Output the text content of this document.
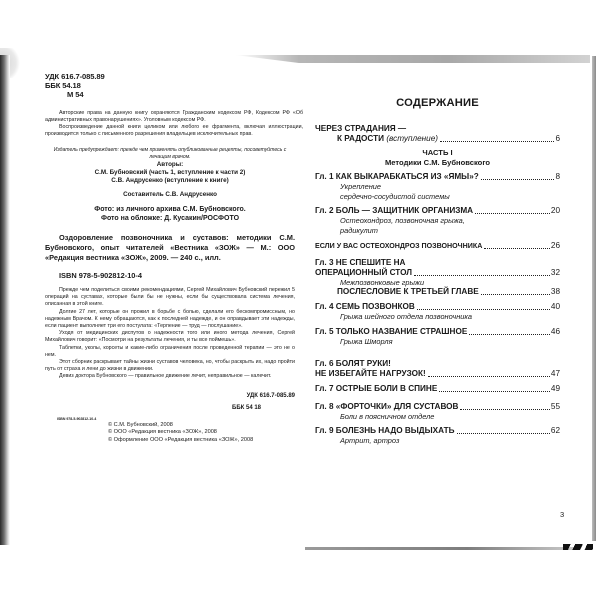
УДК 616.7-085.89
ББК 54.18
М 54

Авторские права на данную книгу охраняются Гражданским кодексом РФ, Кодексом РФ «Об административных правонарушениях». Уголовным кодексом РФ.

Воспроизведение данной книги целиком или любого ее фрагмента, включая иллюстрации, производится только с письменного разрешения владельцев исключительных прав.

Издатель предупреждает: прежде чем применять опубликованные рецепты, посоветуйтесь с лечащим врачом.
Авторы:
С.М. Бубновский (часть 1, вступление к части 2)
С.В. Андрусенко (вступление к книге)
Составитель С.В. Андрусенко
Фото: из личного архива С.М. Бубновского.
Фото на обложке: Д. Кусакин/РОСФОТО
Оздоровление позвоночника и суставов: методики С.М. Бубновского, опыт читателей «Вестника «ЗОЖ» — М.: ООО «Редакция вестника «ЗОЖ», 2009. — 240 с., илл.
ISBN 978-5-902812-10-4

Прежде чем поделиться своими рекомендациями, Сергей Михайлович Бубновский пережил 5 операций на суставах, которые были бы не нужны, если бы существовала система лечения, описанная в этой книге.

Долгие 27 лет, которые он прожил в борьбе с болью, сделали его бескомпромиссным, но надежным Врачом. К нему обращаются, как к последней надежде, и он оправдывает эти надежды, если пациент выполняет три его постулата: «Терпение — труд — послушание».

Уходя от медицинских диспутов о надежности того или иного метода лечения, Сергей Михайлович говорит: «Посмотри на результаты лечения, и ты все поймешь».

Таблетки, уколы, корсеты и какие-либо ограничения после проведенной терапии — это не о нем.

Этот сборник раскрывает тайны жизни суставов человека, но, чтобы раскрыть их, надо пройти путь от страха и лени до жизни в движении.

Девиз доктора Бубновского — правильное движение лечит, неправильное — калечит.

УДК 616.7-085.89
ББК 54 18
ISBN 978-5-902812-10-4
© С.М. Бубновский, 2008
© ООО «Редакция вестника «ЗОЖ», 2008
© Оформление ООО «Редакция вестника «ЗОЖ», 2008
СОДЕРЖАНИЕ
ЧЕРЕЗ СТРАДАНИЯ —
К РАДОСТИ (вступление)	6
ЧАСТЬ I
Методики С.М. Бубновского
Гл. 1 КАК ВЫКАРАБКАТЬСЯ ИЗ «ЯМЫ»?	8
Укрепление
сердечно-сосудистой системы
Гл. 2 БОЛЬ — ЗАЩИТНИК ОРГАНИЗМА	20
Остеохондроз, позвоночная грыжа,
радикулит
ЕСЛИ У ВАС ОСТЕОХОНДРОЗ ПОЗВОНОЧНИКА	26
Гл. 3 НЕ СПЕШИТЕ НА
ОПЕРАЦИОННЫЙ СТОЛ	32
Межпозвонковые грыжи
ПОСЛЕСЛОВИЕ К ТРЕТЬЕЙ ГЛАВЕ	38
Гл. 4 СЕМЬ ПОЗВОНКОВ	40
Грыжа шейного отдела позвоночника
Гл. 5 ТОЛЬКО НАЗВАНИЕ СТРАШНОЕ	46
Грыжа Шморля
Гл. 6 БОЛЯТ РУКИ!
НЕ ИЗБЕГАЙТЕ НАГРУЗОК!	47
Гл. 7 ОСТРЫЕ БОЛИ В СПИНЕ	49
Гл. 8 «ФОРТОЧКИ» ДЛЯ СУСТАВОВ	55
Боли в поясничном отделе
Гл. 9 БОЛЕЗНЬ НАДО ВЫДЫХАТЬ	62
Артрит, артроз
3
